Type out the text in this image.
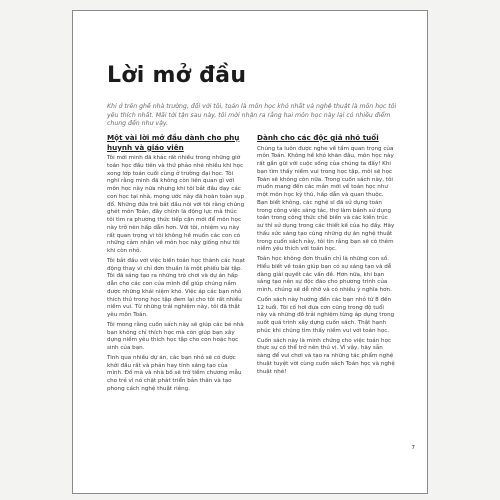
Lời mở đầu

Khi ở trên ghế nhà trường, đối với tôi, toán là môn học khó nhất và nghệ thuật là môn học tôi yêu thích nhất. Mãi tới tận sau này, tôi mới nhận ra rằng hai môn học này lại có nhiều điểm chung đến như vậy.

Một vài lời mở đầu dành cho phụ huynh và giáo viên

Tôi mới minh đã khác rất nhiều trong những giờ toán học đầu tiên và thứ phảo nhé nhiều khi học xong lớp toán cuối cùng ở trường đại học. Tôi nghĩ rằng minh đã không còn liên quan gì với môn học này nữa nhưng khi tôi bắt đầu dạy các con học tại nhà, mọng ước này đã hoàn toàn sụp đổ. Những đứa trẻ bắt đầu nói với tôi rằng chúng ghét môn Toán, đây chính là động lực mà thúc tôi tìm ra phương thức tiếp cận mới để môn học này trở nên hấp dẫn hơn. Với tôi, nhiệm vụ này rất quan trọng vì tôi không hề muốn các con có những cảm nhận về môn học này giống như tôi khi còn nhỏ.

Tôi bắt đầu với việc biến toán học thành các hoạt động thay vì chỉ đơn thuần là một phiếu bài tập. Tôi đã sáng tạo ra những trò chơi và dự án hấp dẫn cho các con của mình để giúp chúng nắm được những khái niệm khó. Việc áp các bạn nhỏ thích thú trong học tập đem lại cho tôi rất nhiều niềm vui. Từ những trải nghiệm này, tôi đã thật yêu môn Toán.

Tôi mong rằng cuốn sách này sẽ giúp các bé nhà bạn không chỉ thích học mà còn giúp bạn xây dựng niềm yêu thích học tập cho con hoặc học sinh của bạn.

Tinh qua nhiều dự án, các bạn nhỏ sẽ có được khởi đầu rất và phản hay tính sáng tạo của mình. Đồ mà và nhà bố sẽ trở tiềm chương mẫu cho trẻ vì nó chặt phát triển bản thân và tạo phong cách nghệ thuật riêng.

Dành cho các độc giả nhỏ tuổi

Chúng ta luôn được nghe về tầm quan trọng của môn Toán. Không hề khó khăn đâu, môn học này rất gần gũi với cuộc sống của chúng ta đấy! Khi bạn tìm thấy niềm vui trong học tập, môi sẽ học Toán sẽ không còn nữa. Trong cuốn sách này, tôi muốn mang đến các mắn mới về toán học như một môn học kỳ thú, hấp dẫn và quan thuộc. Bạn biết không, các nghệ sĩ đã sử dụng toán trong công việc sáng tác, thợ làm bánh sử dụng toán trong công thức chế biến và các kiến trúc sư thì sử dụng trong các thiết kế của họ đấy. Hãy thấu sức sáng tạo cùng những dự án nghệ thuật trong cuốn sách này, tôi tin rằng bạn sẽ có thêm niềm yêu thích với toán học.

Toán học không đơn thuần chỉ là những con số. Hiểu biết về toán giúp bạn có sự sáng tạo và dễ dàng giải quyết các vấn đề. Hơn nữa, khi bạn sáng tạo nên sự độc đáo cho phương trình của mình, chúng sẽ dễ nhớ và có nhiều ý nghĩa hơn.

Cuốn sách này hướng đến các bạn nhỏ từ 8 đến 12 tuổi. Tôi cố hơi đưa cơn cũng trong độ tuổi này và những đồ trải nghiệm từng áp dụng trong suốt quá trình xây dựng cuốn sách. Thật hạnh phúc khi chúng tìm thấy niềm vui với toán học.

Cuốn sách này là minh chứng cho việc toán học thực sự có thể trở nên thú vị. Vì vậy, hãy sẵn sàng để vui chơi và tạo ra những tác phẩm nghệ thuật tuyệt vời cùng cuốn sách Toán học và nghệ thuật nhé!

7
